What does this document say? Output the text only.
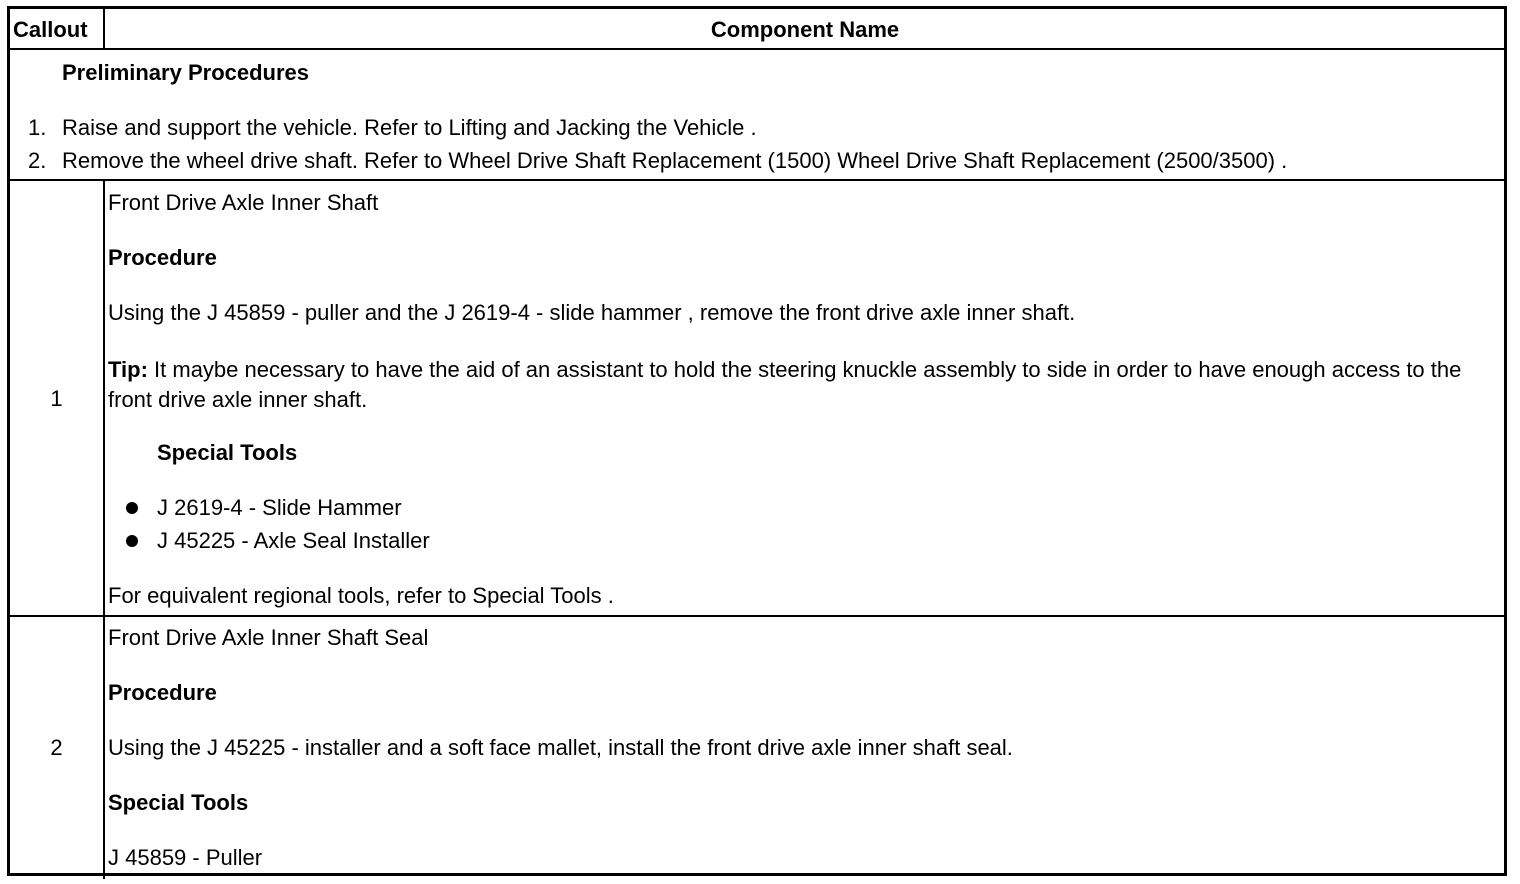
Callout	Component Name
Preliminary Procedures
1. Raise and support the vehicle. Refer to Lifting and Jacking the Vehicle .
2. Remove the wheel drive shaft. Refer to Wheel Drive Shaft Replacement (1500) Wheel Drive Shaft Replacement (2500/3500) .
1
Front Drive Axle Inner Shaft
Procedure
Using the J 45859 - puller and the J 2619-4 - slide hammer , remove the front drive axle inner shaft.
Tip: It maybe necessary to have the aid of an assistant to hold the steering knuckle assembly to side in order to have enough access to the front drive axle inner shaft.
Special Tools
J 2619-4 - Slide Hammer
J 45225 - Axle Seal Installer
For equivalent regional tools, refer to Special Tools .
2
Front Drive Axle Inner Shaft Seal
Procedure
Using the J 45225 - installer and a soft face mallet, install the front drive axle inner shaft seal.
Special Tools
J 45859 - Puller
